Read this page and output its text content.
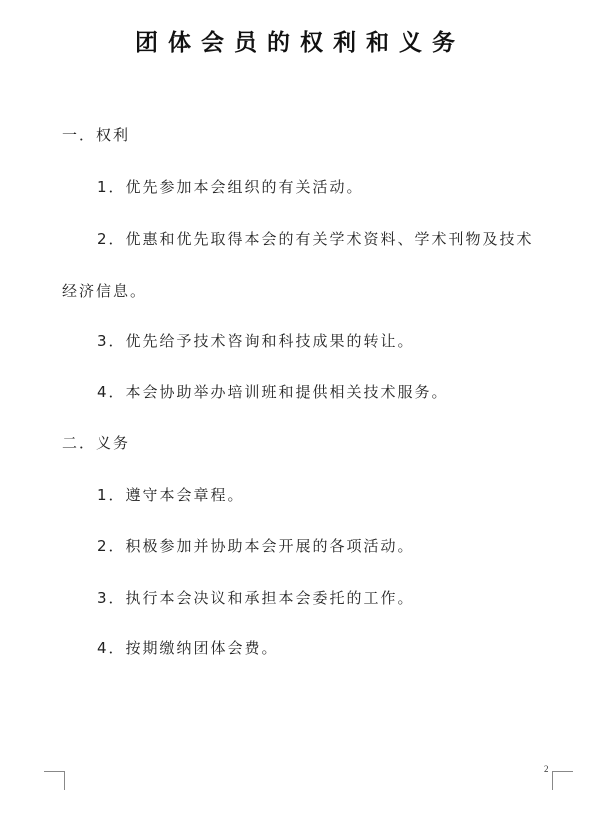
团体会员的权利和义务
一．权利
1．优先参加本会组织的有关活动。
2．优惠和优先取得本会的有关学术资料、学术刊物及技术
经济信息。
3．优先给予技术咨询和科技成果的转让。
4．本会协助举办培训班和提供相关技术服务。
二．义务
1．遵守本会章程。
2．积极参加并协助本会开展的各项活动。
3．执行本会决议和承担本会委托的工作。
4．按期缴纳团体会费。
2
